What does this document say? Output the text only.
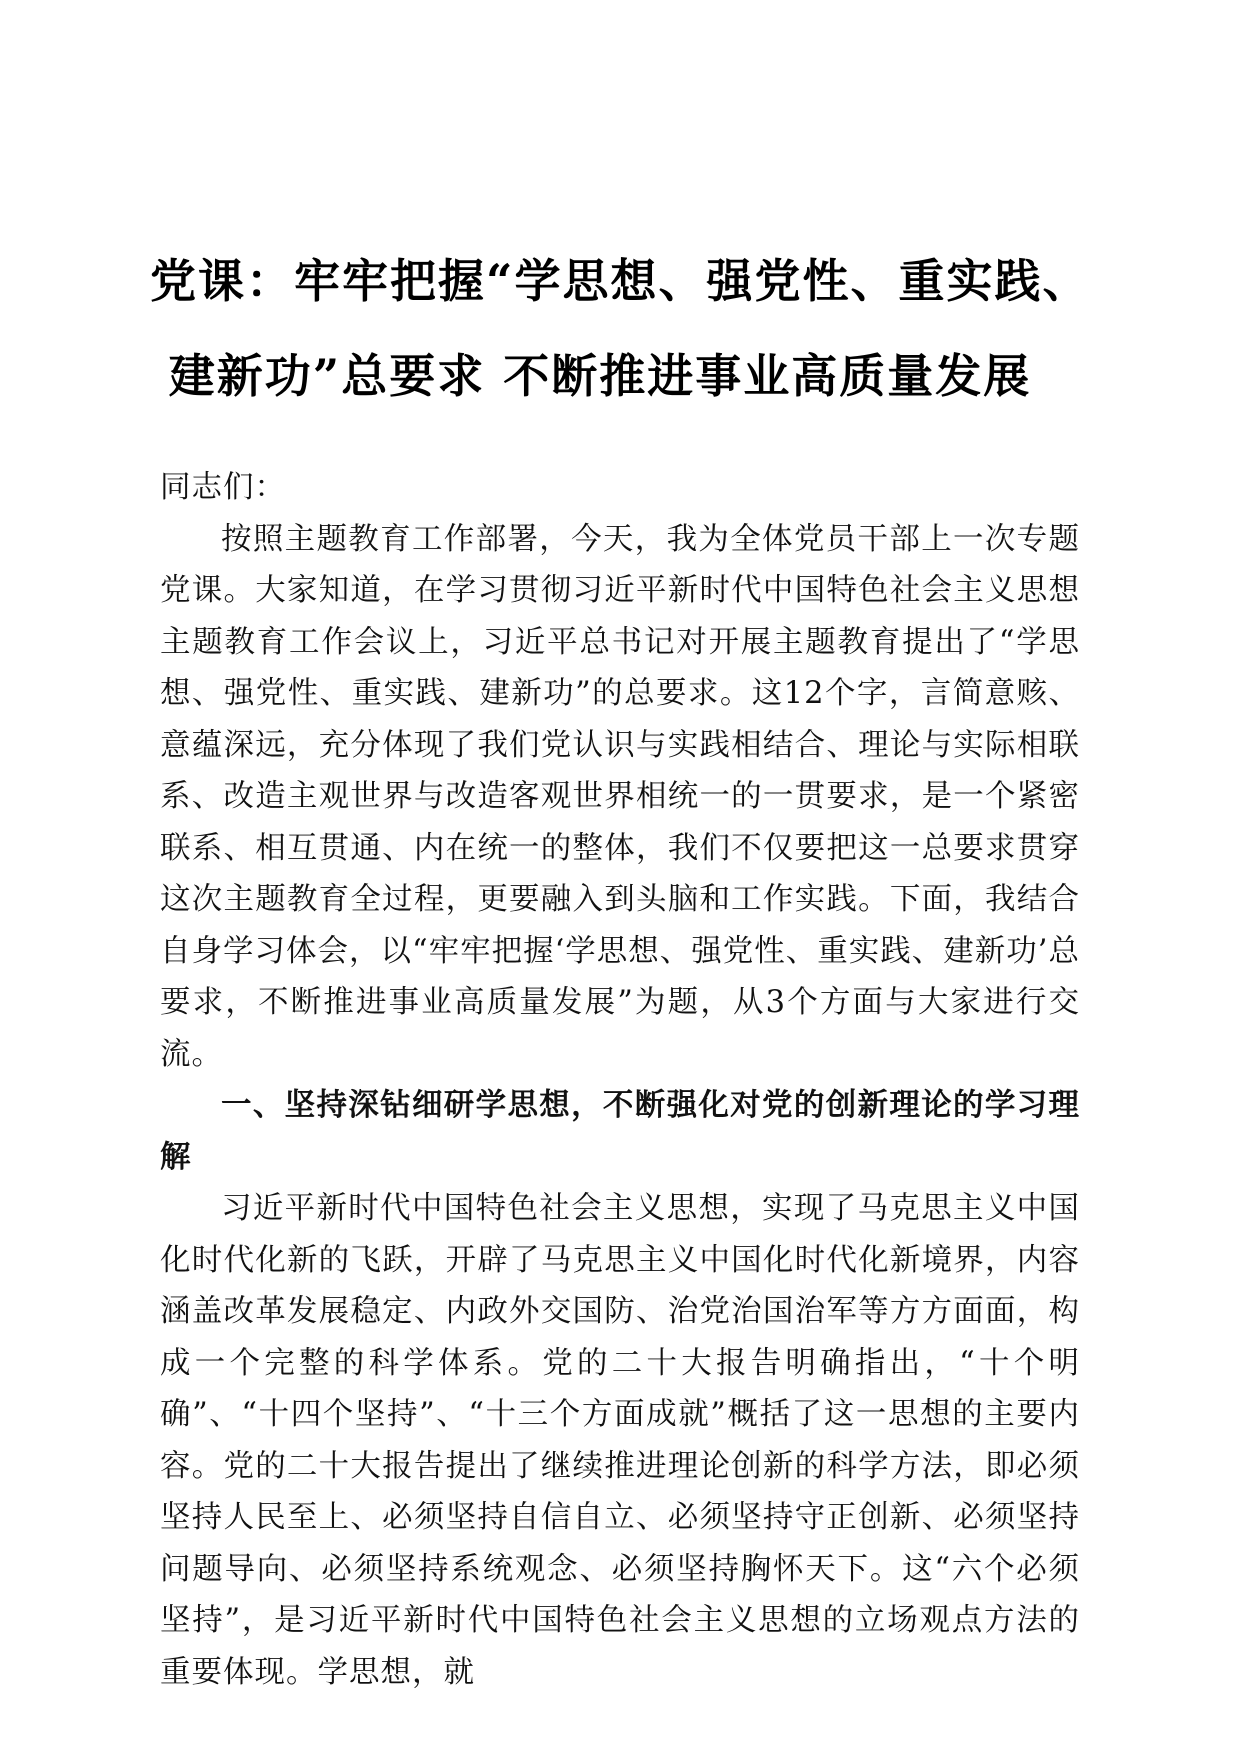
党课：牢牢把握“学思想、强党性、重实践、
建新功”总要求 不断推进事业高质量发展

同志们：

按照主题教育工作部署，今天，我为全体党员干部上一次专题党课。大家知道，在学习贯彻习近平新时代中国特色社会主义思想主题教育工作会议上，习近平总书记对开展主题教育提出了“学思想、强党性、重实践、建新功”的总要求。这12个字，言简意赅、意蕴深远，充分体现了我们党认识与实践相结合、理论与实际相联系、改造主观世界与改造客观世界相统一的一贯要求，是一个紧密联系、相互贯通、内在统一的整体，我们不仅要把这一总要求贯穿这次主题教育全过程，更要融入到头脑和工作实践。下面，我结合自身学习体会，以“牢牢把握‘学思想、强党性、重实践、建新功’总要求，不断推进事业高质量发展”为题，从3个方面与大家进行交流。

一、坚持深钻细研学思想，不断强化对党的创新理论的学习理解

习近平新时代中国特色社会主义思想，实现了马克思主义中国化时代化新的飞跃，开辟了马克思主义中国化时代化新境界，内容涵盖改革发展稳定、内政外交国防、治党治国治军等方方面面，构成一个完整的科学体系。党的二十大报告明确指出，“十个明确”、“十四个坚持”、“十三个方面成就”概括了这一思想的主要内容。党的二十大报告提出了继续推进理论创新的科学方法，即必须坚持人民至上、必须坚持自信自立、必须坚持守正创新、必须坚持问题导向、必须坚持系统观念、必须坚持胸怀天下。这“六个必须坚持”，是习近平新时代中国特色社会主义思想的立场观点方法的重要体现。学思想，就
